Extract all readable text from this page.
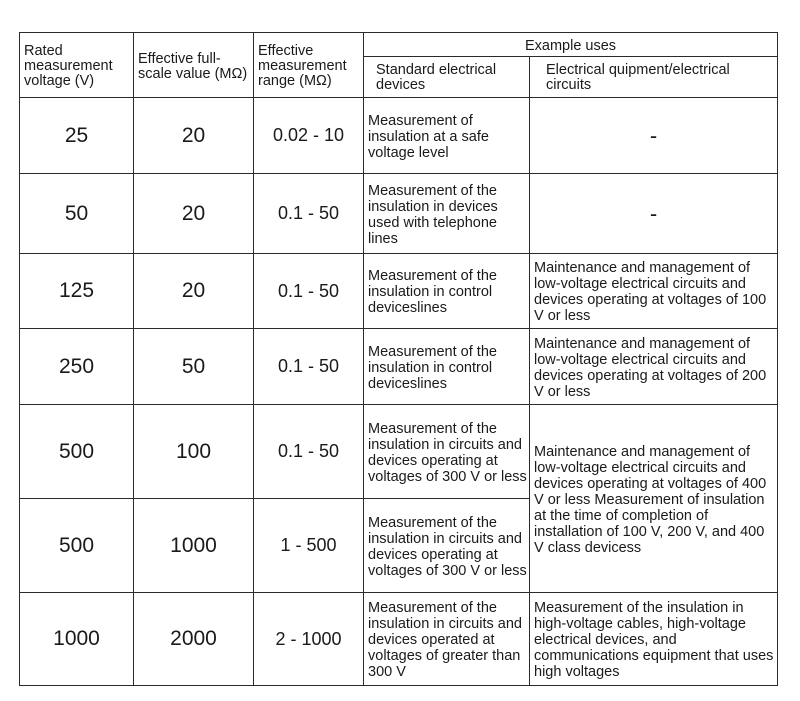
Rated measurement voltage (V)	Effective full-scale value (MΩ)	Effective measurement range (MΩ)	Example uses	
			Standard electrical devices	Electrical quipment/electrical circuits
25	20	0.02 - 10	Measurement of insulation at a safe voltage level	-
50	20	0.1 - 50	Measurement of the insulation in devices used with telephone lines	-
125	20	0.1 - 50	Measurement of the insulation in control deviceslines	Maintenance and management of low-voltage electrical circuits and devices operating at voltages of 100 V or less
250	50	0.1 - 50	Measurement of the insulation in control deviceslines	Maintenance and management of low-voltage electrical circuits and devices operating at voltages of 200 V or less
500	100	0.1 - 50	Measurement of the insulation in circuits and devices operating at voltages of 300 V or less	Maintenance and management of low-voltage electrical circuits and devices operating at voltages of 400 V or less Measurement of insulation at the time of completion of installation of 100 V, 200 V, and 400 V class devicess
500	1000	1 - 500	Measurement of the insulation in circuits and devices operating at voltages of 300 V or less	
1000	2000	2 - 1000	Measurement of the insulation in circuits and devices operated at voltages of greater than 300 V	Measurement of the insulation in high-voltage cables, high-voltage electrical devices, and communications equipment that uses high voltages
